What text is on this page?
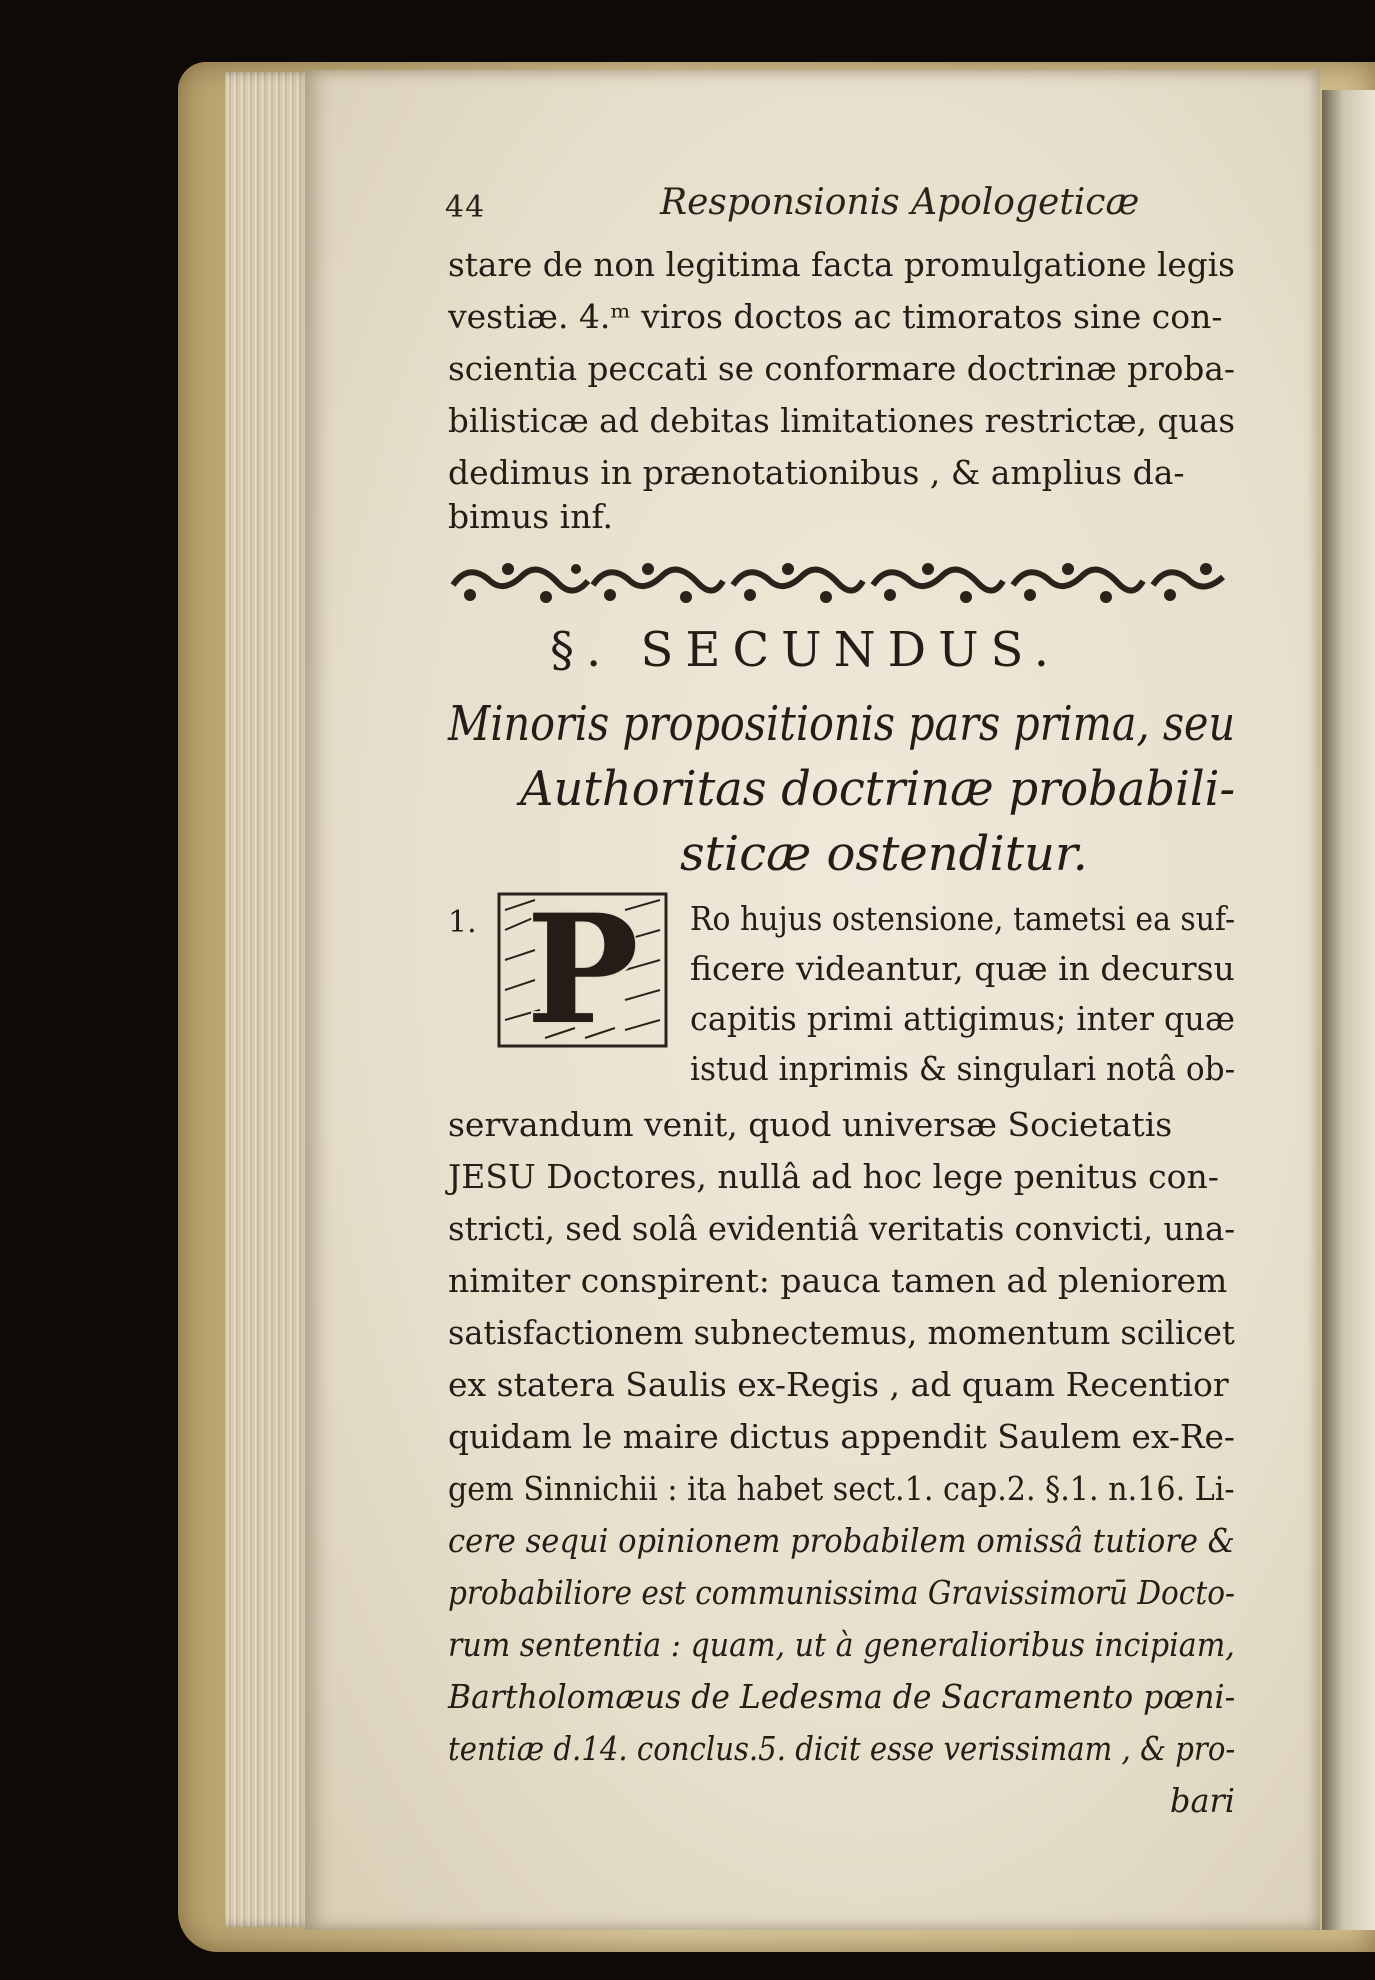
44	Responsionis Apologeticæ
stare de non legitima facta promulgatione legis
vestiæ. 4.ᵐ viros doctos ac timoratos sine con-
scientia peccati se conformare doctrinæ proba-
bilisticæ ad debitas limitationes restrictæ, quas
dedimus in prænotationibus , & amplius da-
bimus inf.
§. SECUNDUS.
Minoris propositionis pars prima, seu
Authoritas doctrinæ probabili-
sticæ ostenditur.
1. P	Ro hujus ostensione, tametsi ea suf-
ficere videantur, quæ in decursu
capitis primi attigimus; inter quæ
istud inprimis & singulari notâ ob-
servandum venit, quod universæ Societatis
JESU Doctores, nullâ ad hoc lege penitus con-
stricti, sed solâ evidentiâ veritatis convicti, una-
nimiter conspirent: pauca tamen ad pleniorem
satisfactionem subnectemus, momentum scilicet
ex statera Saulis ex-Regis , ad quam Recentior
quidam le maire dictus appendit Saulem ex-Re-
gem Sinnichii : ita habet sect.1. cap.2. §.1. n.16. Li-
cere sequi opinionem probabilem omissâ tutiore &
probabiliore est communissima Gravissimorū Docto-
rum sententia : quam, ut à generalioribus incipiam,
Bartholomæus de Ledesma de Sacramento pœni-
tentiæ d.14. conclus.5. dicit esse verissimam , & pro-
bari
